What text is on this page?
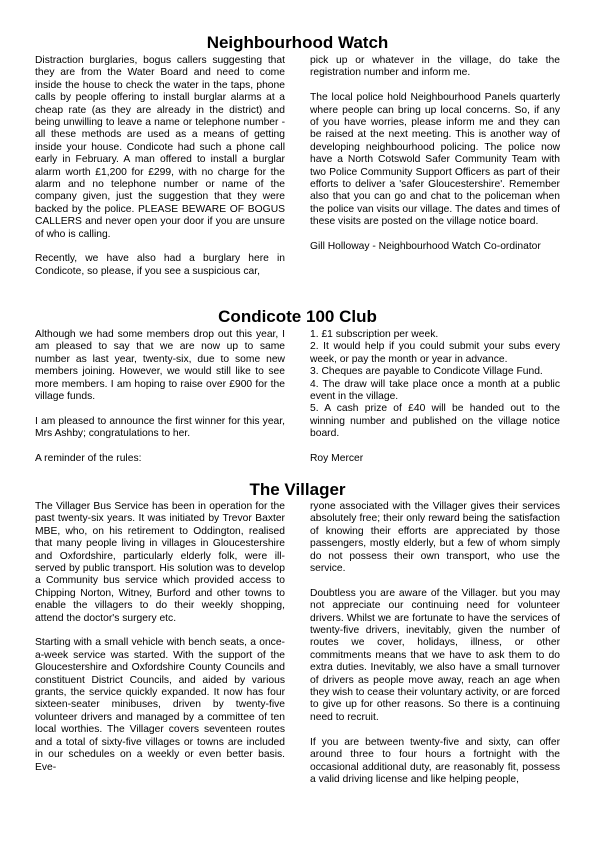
Neighbourhood Watch

Distraction burglaries, bogus callers suggesting that they are from the Water Board and need to come inside the house to check the water in the taps, phone calls by people offering to install burglar alarms at a cheap rate (as they are already in the district) and being unwilling to leave a name or telephone number - all these methods are used as a means of getting inside your house. Condicote had such a phone call early in February. A man offered to install a burglar alarm worth £1,200 for £299, with no charge for the alarm and no telephone number or name of the company given, just the suggestion that they were backed by the police. PLEASE BEWARE OF BOGUS CALLERS and never open your door if you are unsure of who is calling.

Recently, we have also had a burglary here in Condicote, so please, if you see a suspicious car,

pick up or whatever in the village, do take the registration number and inform me.

The local police hold Neighbourhood Panels quarterly where people can bring up local concerns. So, if any of you have worries, please inform me and they can be raised at the next meeting. This is another way of developing neighbourhood policing. The police now have a North Cotswold Safer Community Team with two Police Community Support Officers as part of their efforts to deliver a 'safer Gloucestershire'. Remember also that you can go and chat to the policeman when the police van visits our village. The dates and times of these visits are posted on the village notice board.

Gill Holloway - Neighbourhood Watch Co-ordinator

Condicote 100 Club

Although we had some members drop out this year, I am pleased to say that we are now up to same number as last year, twenty-six, due to some new members joining. However, we would still like to see more members. I am hoping to raise over £900 for the village funds.

I am pleased to announce the first winner for this year, Mrs Ashby; congratulations to her.

A reminder of the rules:

1. £1 subscription per week.
2. It would help if you could submit your subs every week, or pay the month or year in advance.
3. Cheques are payable to Condicote Village Fund.
4. The draw will take place once a month at a public event in the village.
5. A cash prize of £40 will be handed out to the winning number and published on the village notice board.

Roy Mercer

The Villager

The Villager Bus Service has been in operation for the past twenty-six years. It was initiated by Trevor Baxter MBE, who, on his retirement to Oddington, realised that many people living in villages in Gloucestershire and Oxfordshire, particularly elderly folk, were ill-served by public transport. His solution was to develop a Community bus service which provided access to Chipping Norton, Witney, Burford and other towns to enable the villagers to do their weekly shopping, attend the doctor's surgery etc.

Starting with a small vehicle with bench seats, a once-a-week service was started. With the support of the Gloucestershire and Oxfordshire County Councils and constituent District Councils, and aided by various grants, the service quickly expanded. It now has four sixteen-seater minibuses, driven by twenty-five volunteer drivers and managed by a committee of ten local worthies. The Villager covers seventeen routes and a total of sixty-five villages or towns are included in our schedules on a weekly or even better basis. Eve-

ryone associated with the Villager gives their services absolutely free; their only reward being the satisfaction of knowing their efforts are appreciated by those passengers, mostly elderly, but a few of whom simply do not possess their own transport, who use the service.

Doubtless you are aware of the Villager. but you may not appreciate our continuing need for volunteer drivers. Whilst we are fortunate to have the services of twenty-five drivers, inevitably, given the number of routes we cover, holidays, illness, or other commitments means that we have to ask them to do extra duties. Inevitably, we also have a small turnover of drivers as people move away, reach an age when they wish to cease their voluntary activity, or are forced to give up for other reasons. So there is a continuing need to recruit.

If you are between twenty-five and sixty, can offer around three to four hours a fortnight with the occasional additional duty, are reasonably fit, possess a valid driving license and like helping people,
